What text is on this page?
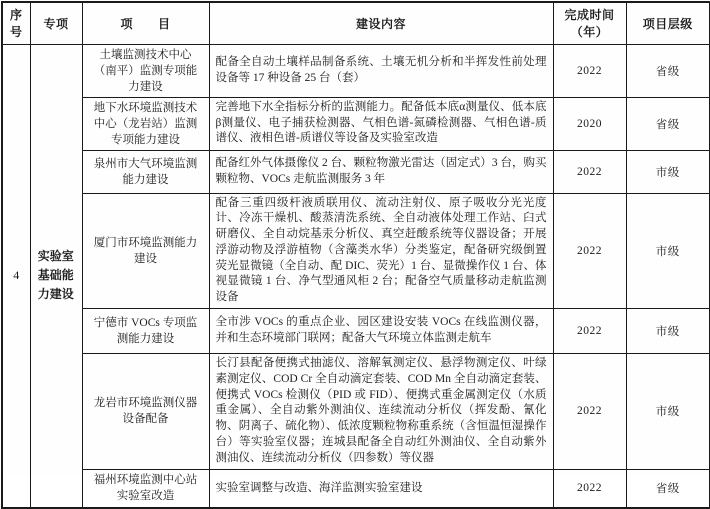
序号	专项	项　　目	建设内容	完成时间（年）	项目层级
4	实验室基础能力建设	土壤监测技术中心（南平）监测专项能力建设	配备全自动土壤样品制备系统、土壤无机分析和半挥发性前处理设备等 17 种设备 25 台（套）	2022	省级
		地下水环境监测技术中心（龙岩站）监测专项能力建设	完善地下水全指标分析的监测能力。配备低本底α测量仪、低本底β测量仪、电子捕获检测器、气相色谱-氮磷检测器、气相色谱-质谱仪、液相色谱-质谱仪等设备及实验室改造	2020	省级
		泉州市大气环境监测能力建设	配备红外气体摄像仪 2 台、颗粒物激光雷达（固定式）3 台，购买颗粒物、VOCs 走航监测服务 3 年	2022	市级
		厦门市环境监测能力建设	配备三重四级杆液质联用仪、流动注射仪、原子吸收分光光度计、冷冻干燥机、酸蒸清洗系统、全自动液体处理工作站、臼式研磨仪、全自动烷基汞分析仪、真空赶酸系统等仪器设备；开展浮游动物及浮游植物（含藻类水华）分类鉴定，配备研究级倒置荧光显微镜（全自动、配 DIC、荧光）1 台、显微操作仪 1 台、体视显微镜 1 台、净气型通风柜 2 台；配备空气质量移动走航监测设备	2022	市级
		宁德市 VOCs 专项监测能力建设	全市涉 VOCs 的重点企业、园区建设安装 VOCs 在线监测仪器，并和生态环境部门联网；配备大气环境立体监测走航车	2022	市级
		龙岩市环境监测仪器设备配备	长汀县配备便携式抽滤仪、溶解氧测定仪、悬浮物测定仪、叶绿素测定仪、COD Cr 全自动滴定套装、COD Mn 全自动滴定套装、便携式 VOCs 检测仪（PID 或 FID）、便携式重金属测定仪（水质重金属）、全自动紫外测油仪、连续流动分析仪（挥发酚、氰化物、阴离子、硫化物）、低浓度颗粒物称重系统（含恒温恒湿操作台）等实验室仪器；连城县配备全自动红外测油仪、全自动紫外测油仪、连续流动分析仪（四参数）等仪器	2022	市级
		福州环境监测中心站实验室改造	实验室调整与改造、海洋监测实验室建设	2022	省级
